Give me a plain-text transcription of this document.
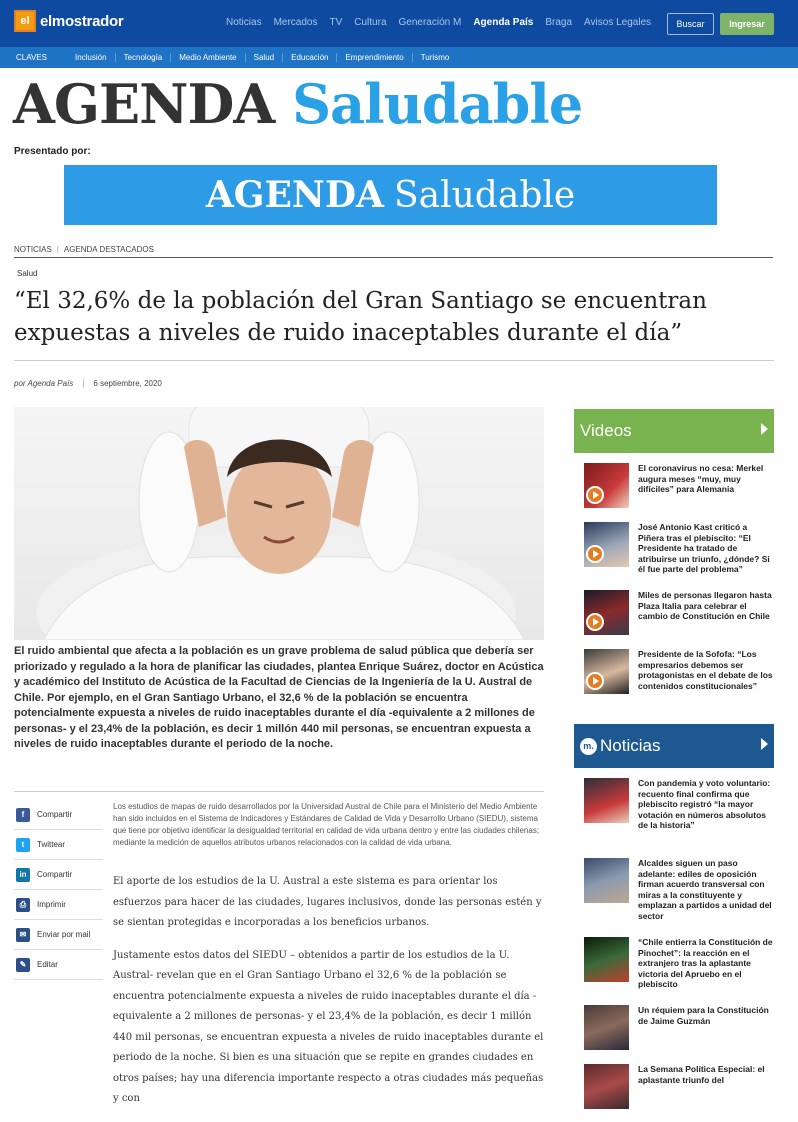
el elmostrador	Noticias Mercados TV Cultura Generación M Agenda País Braga Avisos Legales	Buscar	Ingresar
CLAVES	Inclusión	Tecnología	Medio Ambiente	Salud	Educación	Emprendimiento	Turismo
AGENDA Saludable
Presentado por:
AGENDA Saludable
NOTICIAS | AGENDA DESTACADOS
Salud
“El 32,6% de la población del Gran Santiago se encuentran expuestas a niveles de ruido inaceptables durante el día”
por Agenda País | 6 septiembre, 2020
El ruido ambiental que afecta a la población es un grave problema de salud pública que debería ser priorizado y regulado a la hora de planificar las ciudades, plantea Enrique Suárez, doctor en Acústica y académico del Instituto de Acústica de la Facultad de Ciencias de la Ingeniería de la U. Austral de Chile. Por ejemplo, en el Gran Santiago Urbano, el 32,6 % de la población se encuentra potencialmente expuesta a niveles de ruido inaceptables durante el día -equivalente a 2 millones de personas- y el 23,4% de la población, es decir 1 millón 440 mil personas, se encuentran expuesta a niveles de ruido inaceptables durante el periodo de la noche.
f	Compartir
t	Twittear
in	Compartir
⎙	Imprimir
✉	Enviar por mail
✎	Editar
Los estudios de mapas de ruido desarrollados por la Universidad Austral de Chile para el Ministerio del Medio Ambiente han sido incluidos en el Sistema de Indicadores y Estándares de Calidad de Vida y Desarrollo Urbano (SIEDU), sistema que tiene por objetivo identificar la desigualdad territorial en calidad de vida urbana dentro y entre las ciudades chilenas; mediante la medición de aquellos atributos urbanos relacionados con la calidad de vida urbana.

El aporte de los estudios de la U. Austral a este sistema es para orientar los esfuerzos para hacer de las ciudades, lugares inclusivos, donde las personas estén y se sientan protegidas e incorporadas a los beneficios urbanos.

Justamente estos datos del SIEDU – obtenidos a partir de los estudios de la U. Austral- revelan que en el Gran Santiago Urbano el 32,6 % de la población se encuentra potencialmente expuesta a niveles de ruido inaceptables durante el día -equivalente a 2 millones de personas- y el 23,4% de la población, es decir 1 millón 440 mil personas, se encuentran expuesta a niveles de ruido inaceptables durante el periodo de la noche. Si bien es una situación que se repite en grandes ciudades en otros países; hay una diferencia importante respecto a otras ciudades más pequeñas y con

Videos
El coronavirus no cesa: Merkel augura meses “muy, muy difíciles” para Alemania
José Antonio Kast criticó a Piñera tras el plebiscito: “El Presidente ha tratado de atribuirse un triunfo, ¿dónde? Si él fue parte del problema”
Miles de personas llegaron hasta Plaza Italia para celebrar el cambio de Constitución en Chile
Presidente de la Sofofa: “Los empresarios debemos ser protagonistas en el debate de los contenidos constitucionales”
m. Noticias
Con pandemia y voto voluntario: recuento final confirma que plebiscito registró “la mayor votación en números absolutos de la historia”
Alcaldes siguen un paso adelante: ediles de oposición firman acuerdo transversal con miras a la constituyente y emplazan a partidos a unidad del sector
“Chile entierra la Constitución de Pinochet”: la reacción en el extranjero tras la aplastante victoria del Apruebo en el plebiscito
Un réquiem para la Constitución de Jaime Guzmán
La Semana Política Especial: el aplastante triunfo del
